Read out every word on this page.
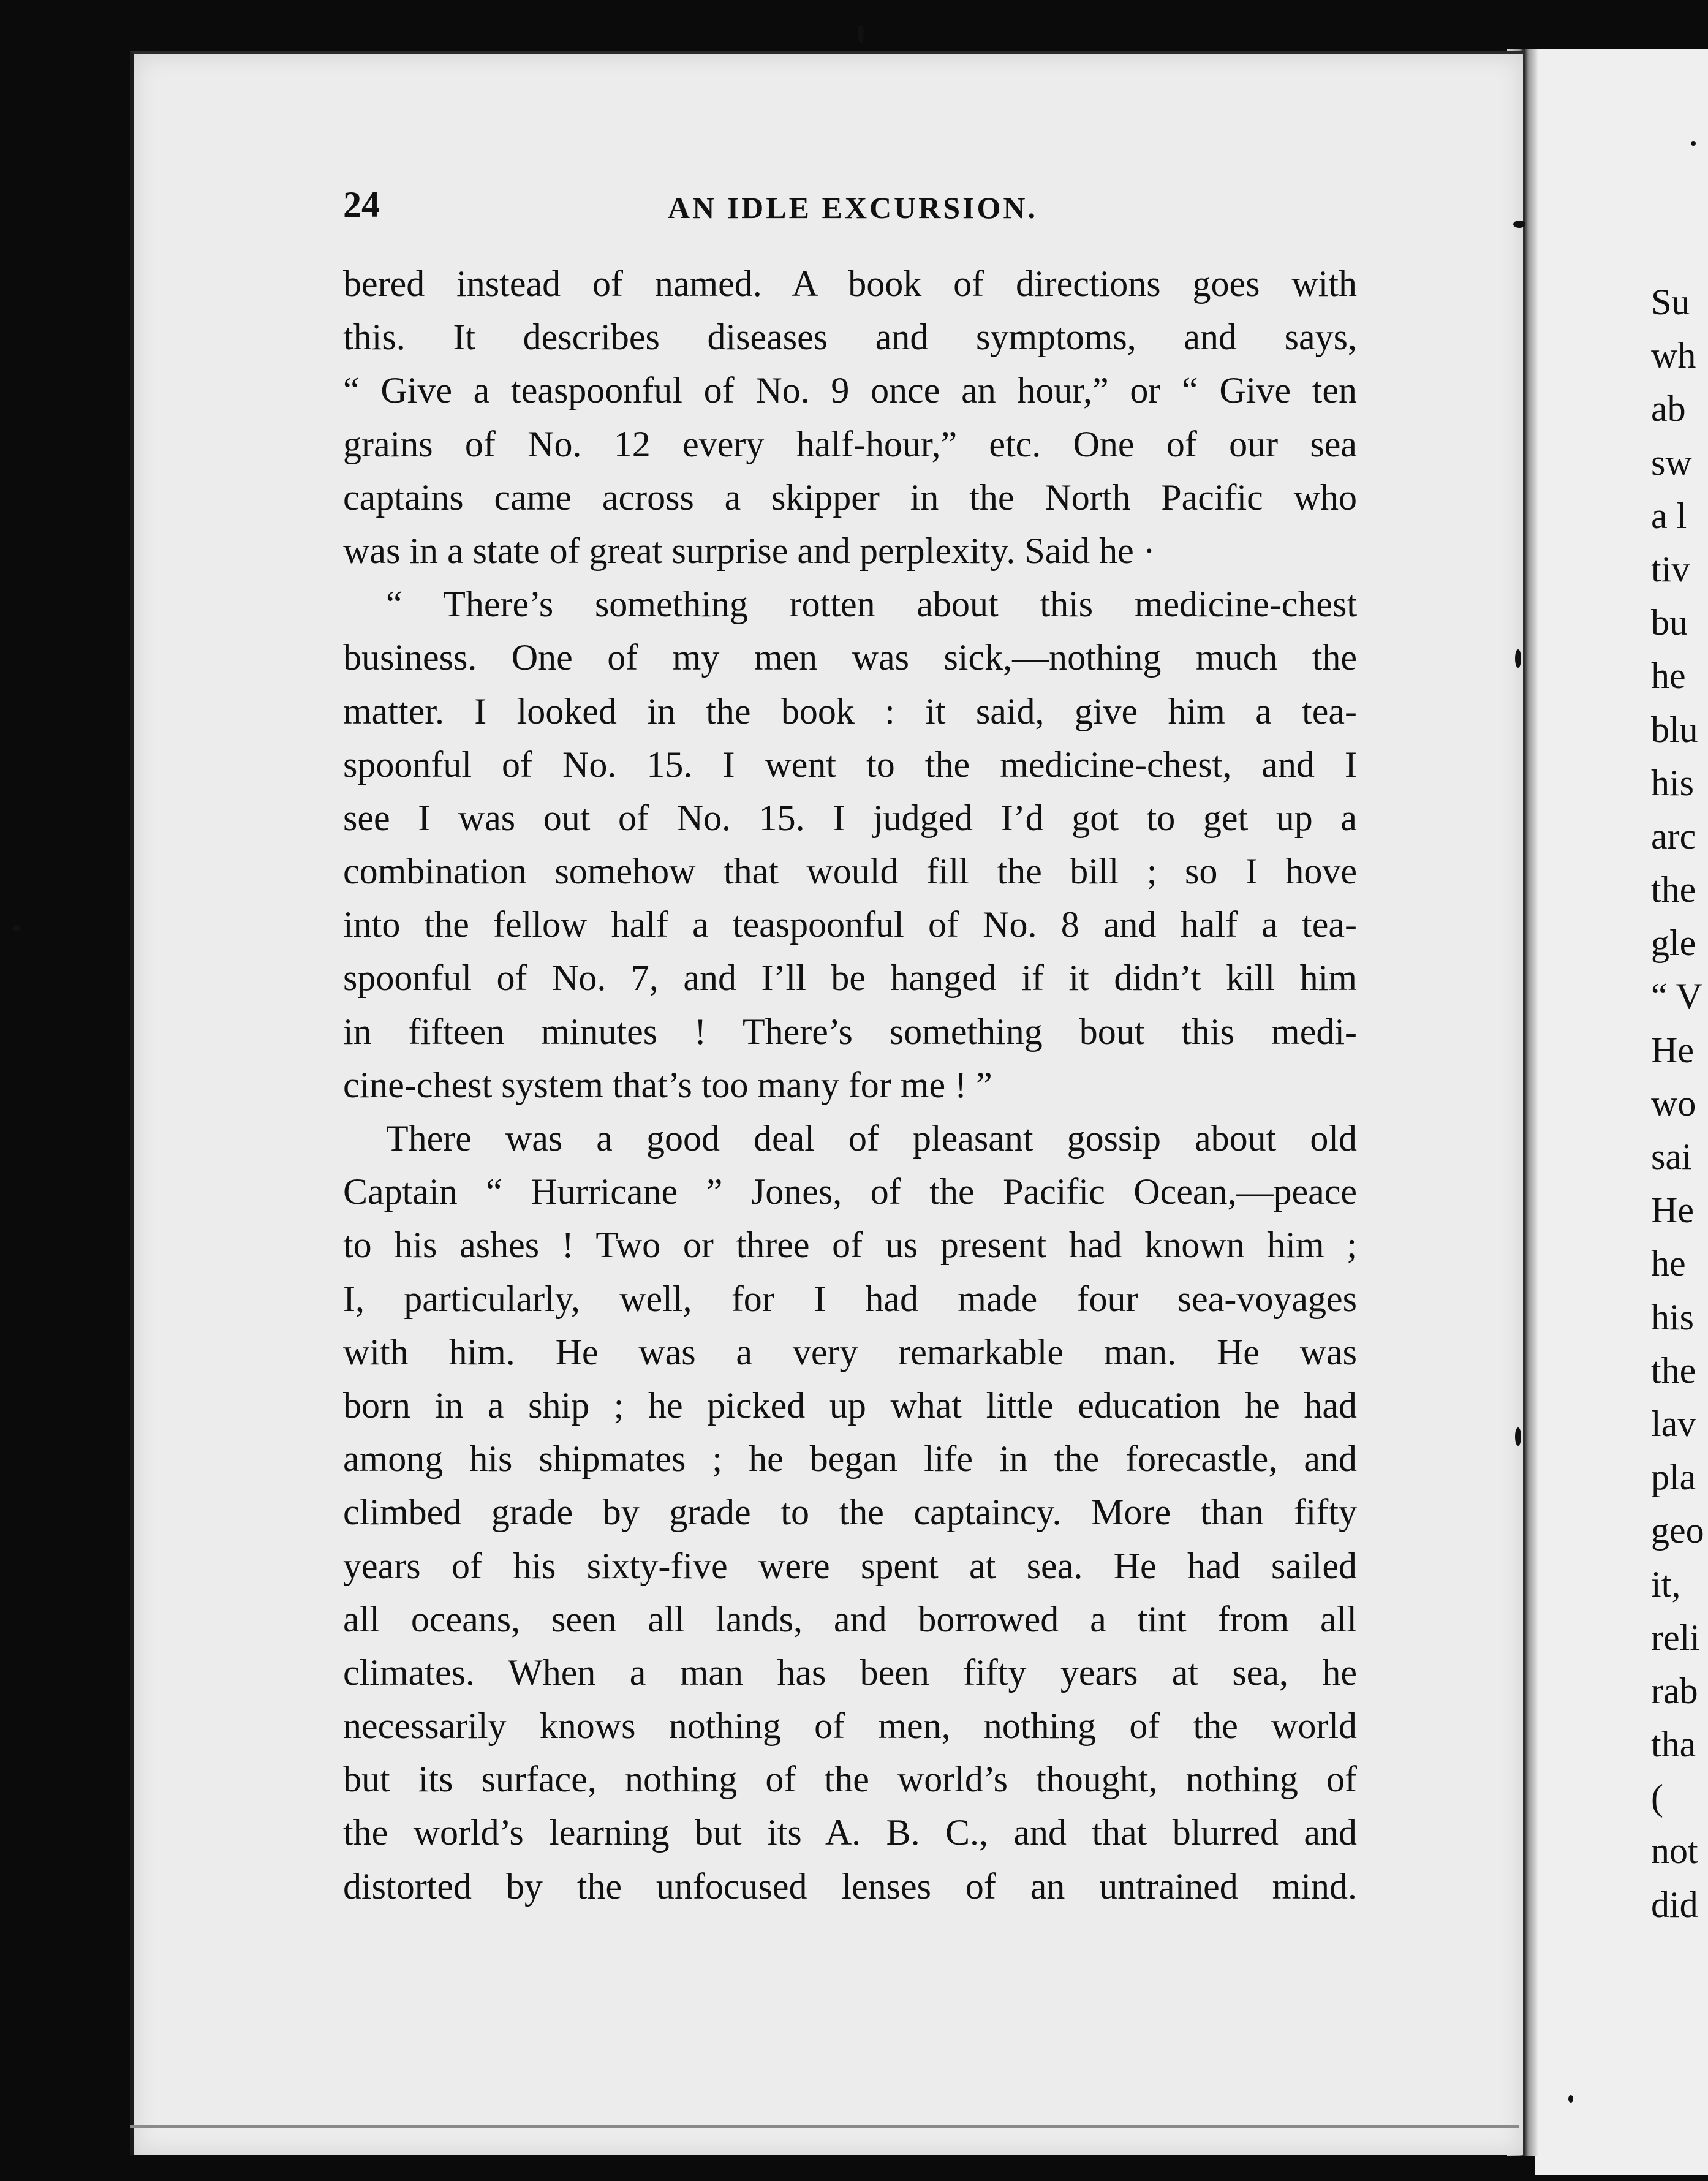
24	AN IDLE EXCURSION.
bered instead of named. A book of directions goes with
this. It describes diseases and symptoms, and says,
“ Give a teaspoonful of No. 9 once an hour,” or “ Give ten
grains of No. 12 every half-hour,” etc. One of our sea
captains came across a skipper in the North Pacific who
was in a state of great surprise and perplexity. Said he ·
“ There’s something rotten about this medicine-chest
business. One of my men was sick,—nothing much the
matter. I looked in the book : it said, give him a tea-
spoonful of No. 15. I went to the medicine-chest, and I
see I was out of No. 15. I judged I’d got to get up a
combination somehow that would fill the bill ; so I hove
into the fellow half a teaspoonful of No. 8 and half a tea-
spoonful of No. 7, and I’ll be hanged if it didn’t kill him
in fifteen minutes ! There’s something bout this medi-
cine-chest system that’s too many for me ! ”
There was a good deal of pleasant gossip about old
Captain “ Hurricane ” Jones, of the Pacific Ocean,—peace
to his ashes ! Two or three of us present had known him ;
I, particularly, well, for I had made four sea-voyages
with him. He was a very remarkable man. He was
born in a ship ; he picked up what little education he had
among his shipmates ; he began life in the forecastle, and
climbed grade by grade to the captaincy. More than fifty
years of his sixty-five were spent at sea. He had sailed
all oceans, seen all lands, and borrowed a tint from all
climates. When a man has been fifty years at sea, he
necessarily knows nothing of men, nothing of the world
but its surface, nothing of the world’s thought, nothing of
the world’s learning but its A. B. C., and that blurred and
distorted by the unfocused lenses of an untrained mind.
Su
wh
ab
sw
a l
tiv
bu
he
blu
his
arc
the
gle
“ V
He
wo
sai
He
he
his
the
lav
pla
geo
it,
reli
rab
tha
(
not
did
